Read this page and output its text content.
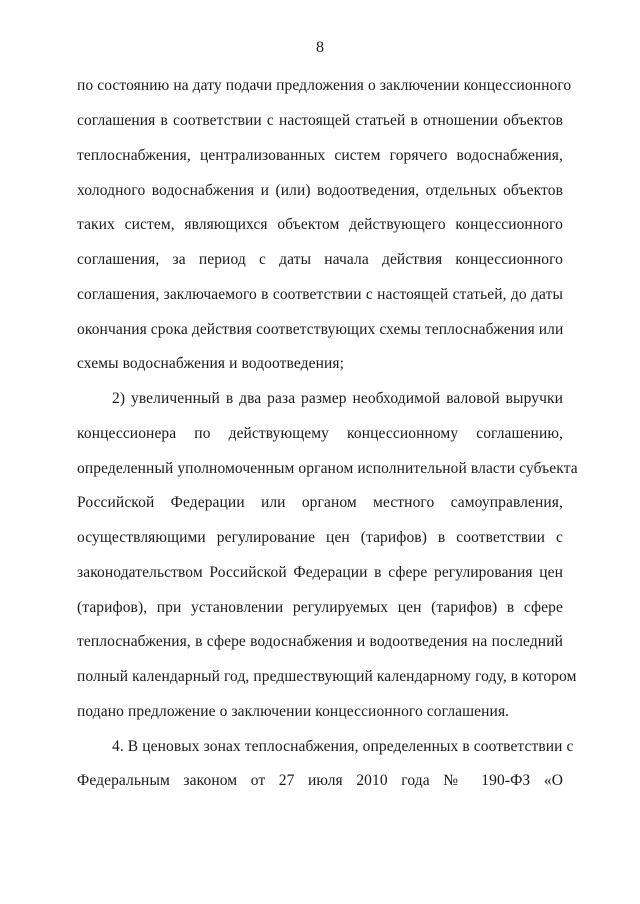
8
по состоянию на дату подачи предложения о заключении концессионного
соглашения в соответствии с настоящей статьей в отношении объектов
теплоснабжения, централизованных систем горячего водоснабжения,
холодного водоснабжения и (или) водоотведения, отдельных объектов
таких систем, являющихся объектом действующего концессионного
соглашения, за период с даты начала действия концессионного
соглашения, заключаемого в соответствии с настоящей статьей, до даты
окончания срока действия соответствующих схемы теплоснабжения или
схемы водоснабжения и водоотведения;
2) увеличенный в два раза размер необходимой валовой выручки
концессионера по действующему концессионному соглашению,
определенный уполномоченным органом исполнительной власти субъекта
Российской Федерации или органом местного самоуправления,
осуществляющими регулирование цен (тарифов) в соответствии с
законодательством Российской Федерации в сфере регулирования цен
(тарифов), при установлении регулируемых цен (тарифов) в сфере
теплоснабжения, в сфере водоснабжения и водоотведения на последний
полный календарный год, предшествующий календарному году, в котором
подано предложение о заключении концессионного соглашения.
4. В ценовых зонах теплоснабжения, определенных в соответствии с
Федеральным законом от 27 июля 2010 года № 190-ФЗ «О
